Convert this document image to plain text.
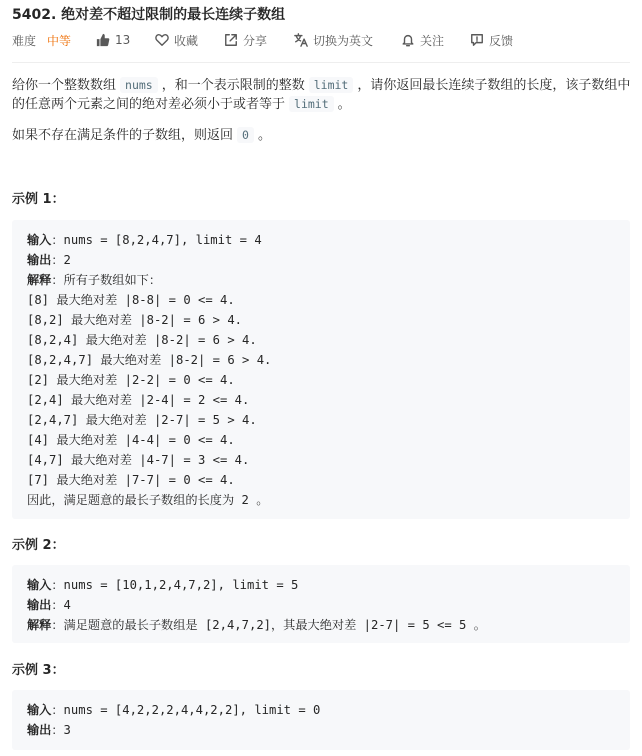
5402. 绝对差不超过限制的最长连续子数组
难度 中等	13	收藏	分享	切换为英文	关注	反馈
给你一个整数数组 nums ，和一个表示限制的整数 limit ，请你返回最长连续子数组的长度，该子数组中的任意两个元素之间的绝对差必须小于或者等于 limit 。
如果不存在满足条件的子数组，则返回 0 。
示例 1：
输入：nums = [8,2,4,7], limit = 4
输出：2
解释：所有子数组如下：
[8] 最大绝对差 |8-8| = 0 <= 4.
[8,2] 最大绝对差 |8-2| = 6 > 4.
[8,2,4] 最大绝对差 |8-2| = 6 > 4.
[8,2,4,7] 最大绝对差 |8-2| = 6 > 4.
[2] 最大绝对差 |2-2| = 0 <= 4.
[2,4] 最大绝对差 |2-4| = 2 <= 4.
[2,4,7] 最大绝对差 |2-7| = 5 > 4.
[4] 最大绝对差 |4-4| = 0 <= 4.
[4,7] 最大绝对差 |4-7| = 3 <= 4.
[7] 最大绝对差 |7-7| = 0 <= 4.
因此，满足题意的最长子数组的长度为 2 。
示例 2：
输入：nums = [10,1,2,4,7,2], limit = 5
输出：4
解释：满足题意的最长子数组是 [2,4,7,2]，其最大绝对差 |2-7| = 5 <= 5 。
示例 3：
输入：nums = [4,2,2,2,4,4,2,2], limit = 0
输出：3
